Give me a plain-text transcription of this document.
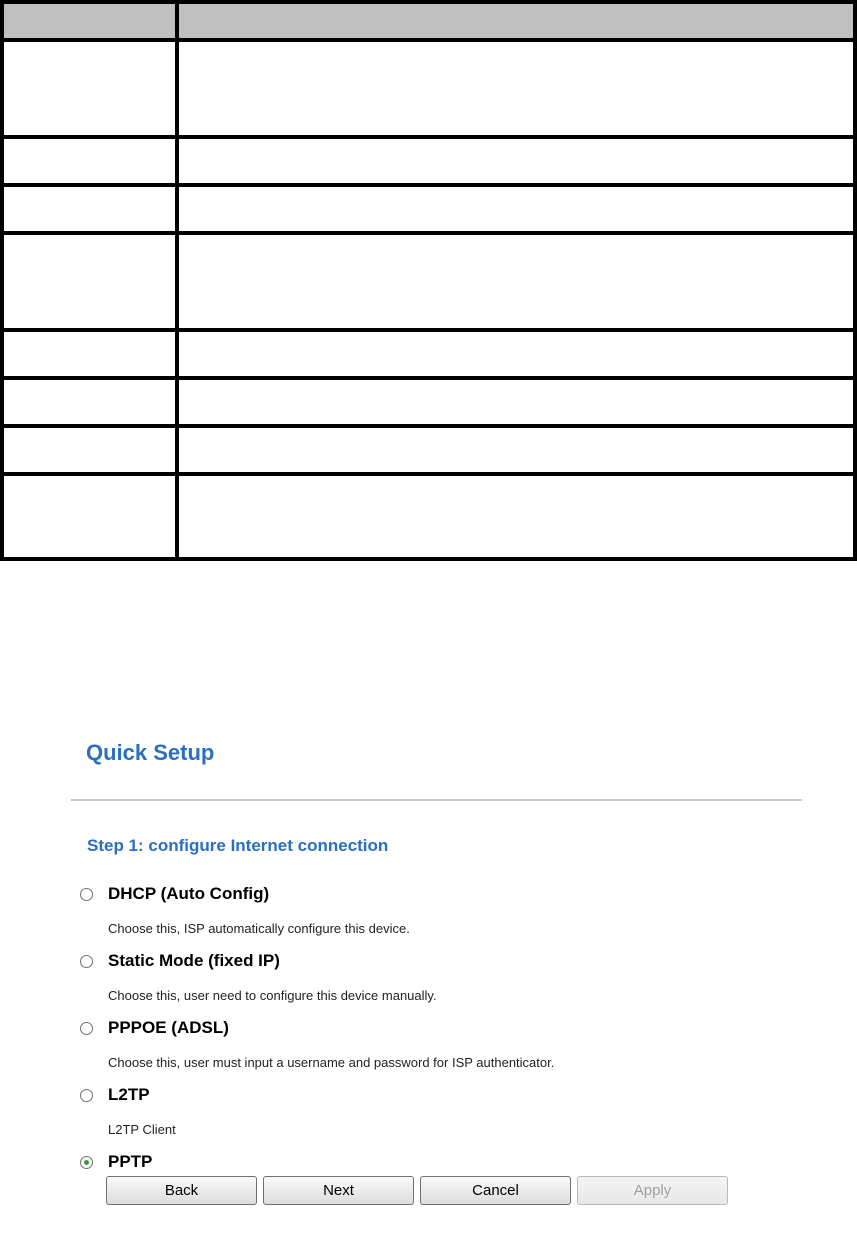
Quick Setup
Step 1: configure Internet connection
DHCP (Auto Config)
Choose this, ISP automatically configure this device.
Static Mode (fixed IP)
Choose this, user need to configure this device manually.
PPPOE (ADSL)
Choose this, user must input a username and password for ISP authenticator.
L2TP
L2TP Client
PPTP
Back	Next	Cancel	Apply
